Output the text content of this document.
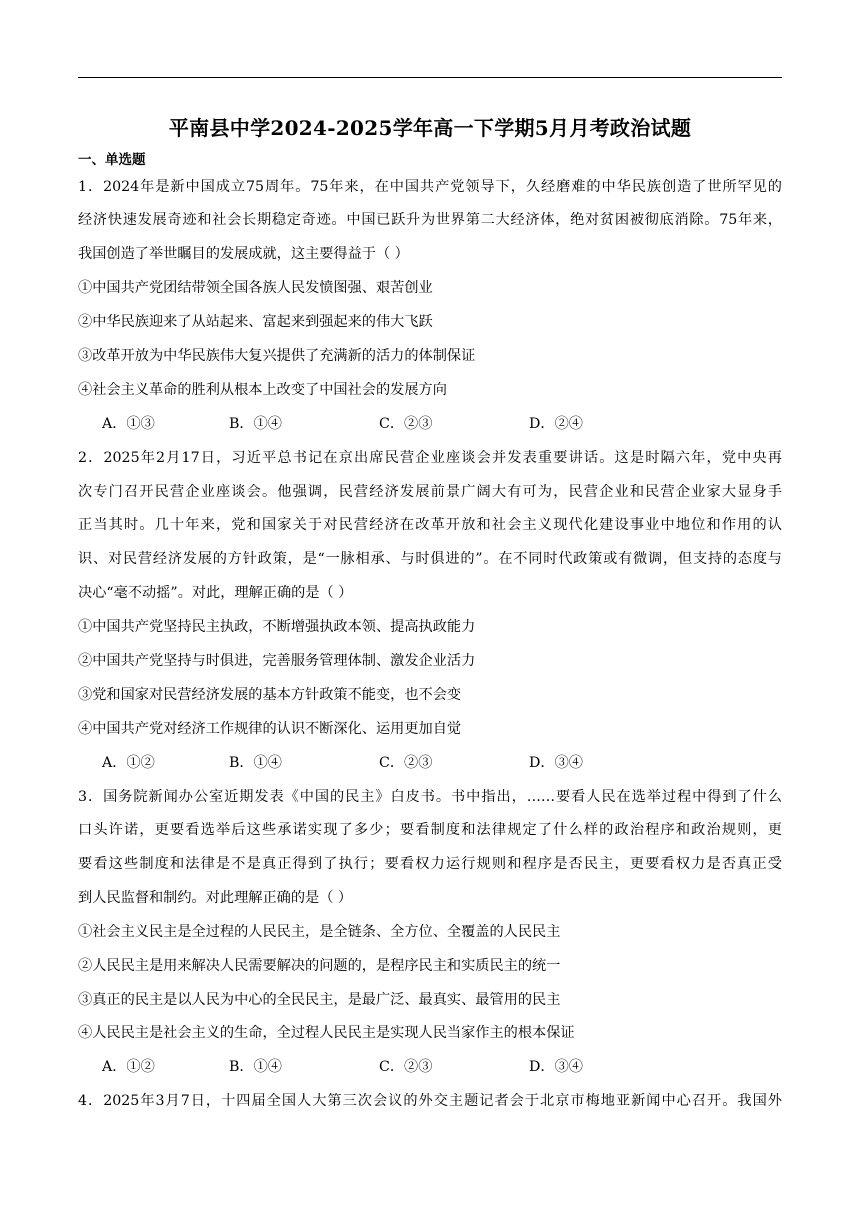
平南县中学2024-2025学年高一下学期5月月考政治试题
一、单选题
1．2024年是新中国成立75周年。75年来，在中国共产党领导下，久经磨难的中华民族创造了世所罕见的
经济快速发展奇迹和社会长期稳定奇迹。中国已跃升为世界第二大经济体，绝对贫困被彻底消除。75年来，
我国创造了举世瞩目的发展成就，这主要得益于（ ）
①中国共产党团结带领全国各族人民发愤图强、艰苦创业
②中华民族迎来了从站起来、富起来到强起来的伟大飞跃
③改革开放为中华民族伟大复兴提供了充满新的活力的体制保证
④社会主义革命的胜利从根本上改变了中国社会的发展方向
A．①③	B．①④	C．②③	D．②④
2．2025年2月17日，习近平总书记在京出席民营企业座谈会并发表重要讲话。这是时隔六年，党中央再
次专门召开民营企业座谈会。他强调，民营经济发展前景广阔大有可为，民营企业和民营企业家大显身手
正当其时。几十年来，党和国家关于对民营经济在改革开放和社会主义现代化建设事业中地位和作用的认
识、对民营经济发展的方针政策，是“一脉相承、与时俱进的”。在不同时代政策或有微调，但支持的态度与
决心“毫不动摇”。对此，理解正确的是（ ）
①中国共产党坚持民主执政，不断增强执政本领、提高执政能力
②中国共产党坚持与时俱进，完善服务管理体制、激发企业活力
③党和国家对民营经济发展的基本方针政策不能变，也不会变
④中国共产党对经济工作规律的认识不断深化、运用更加自觉
A．①②	B．①④	C．②③	D．③④
3．国务院新闻办公室近期发表《中国的民主》白皮书。书中指出，……要看人民在选举过程中得到了什么
口头许诺，更要看选举后这些承诺实现了多少；要看制度和法律规定了什么样的政治程序和政治规则，更
要看这些制度和法律是不是真正得到了执行；要看权力运行规则和程序是否民主，更要看权力是否真正受
到人民监督和制约。对此理解正确的是（ ）
①社会主义民主是全过程的人民民主，是全链条、全方位、全覆盖的人民民主
②人民民主是用来解决人民需要解决的问题的，是程序民主和实质民主的统一
③真正的民主是以人民为中心的全民民主，是最广泛、最真实、最管用的民主
④人民民主是社会主义的生命，全过程人民民主是实现人民当家作主的根本保证
A．①②	B．①④	C．②③	D．③④
4．2025年3月7日，十四届全国人大第三次会议的外交主题记者会于北京市梅地亚新闻中心召开。我国外
